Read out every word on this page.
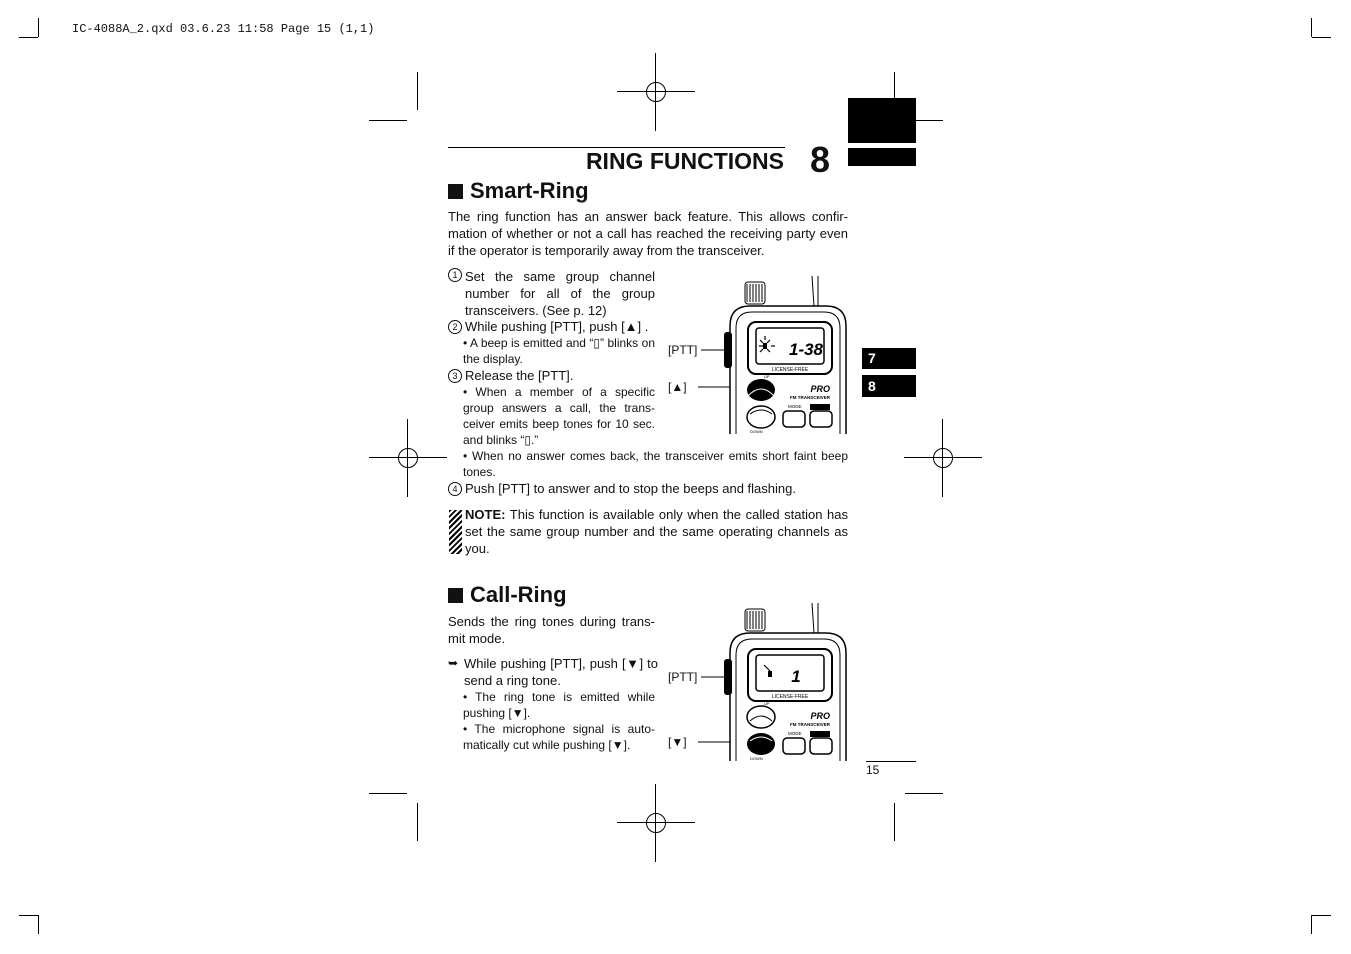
IC-4088A_2.qxd 03.6.23 11:58 Page 15 (1,1)
RING FUNCTIONS 8
7
8
Smart-Ring
The ring function has an answer back feature. This allows confir-mation of whether or not a call has reached the receiving party even if the operator is temporarily away from the transceiver.
1 Set the same group channel number for all of the group transceivers. (See p. 12)
2 While pushing [PTT], push [▲] .
• A beep is emitted and “▯” blinks on the display.
3 Release the [PTT].
• When a member of a specific group answers a call, the trans-ceiver emits beep tones for 10 sec. and blinks “▯.”
• When no answer comes back, the transceiver emits short faint beep tones.
4 Push [PTT] to answer and to stop the beeps and flashing.
NOTE: This function is available only when the called station has set the same group number and the same operating channels as you.
[PTT]
[▲]
1-38
LICENSE-FREE
UP
PRO
FM TRANSCEIVER
MODE
DOWN
Call-Ring
Sends the ring tones during trans-mit mode.
➥ While pushing [PTT], push [▼] to send a ring tone.
• The ring tone is emitted while pushing [▼].
• The microphone signal is auto-matically cut while pushing [▼].
[PTT]
[▼]
1
LICENSE-FREE
UP
PRO
FM TRANSCEIVER
MODE
DOWN
15
